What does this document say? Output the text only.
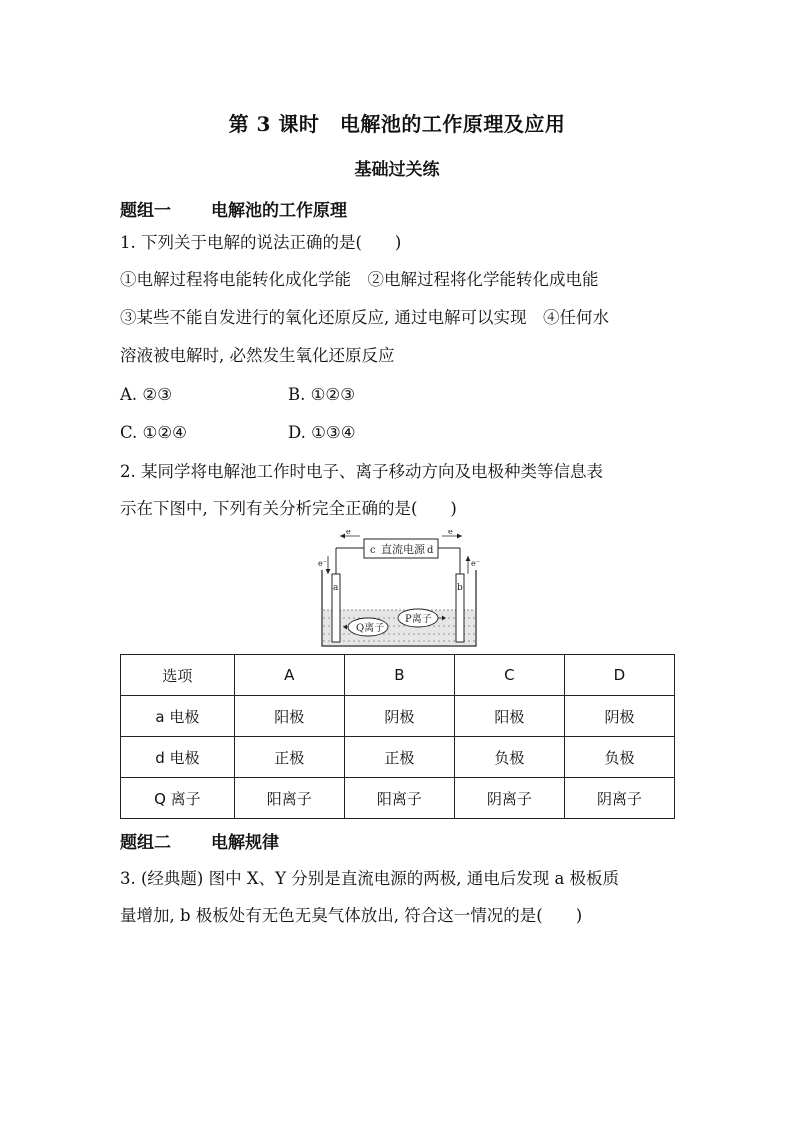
第 3 课时　电解池的工作原理及应用
基础过关练
题组一 电解池的工作原理
1. 下列关于电解的说法正确的是(　　)
①电解过程将电能转化成化学能　②电解过程将化学能转化成电能
③某些不能自发进行的氧化还原反应, 通过电解可以实现　④任何水
溶液被电解时, 必然发生氧化还原反应
A. ②③	B. ①②③
C. ①②④	D. ①③④
2. 某同学将电解池工作时电子、离子移动方向及电极种类等信息表
示在下图中, 下列有关分析完全正确的是(　　)
c 直流电源 d
e⁻	e⁻
e⁻	e⁻
a	b
Q离子
P离子
选项	A	B	C	D
a 电极	阳极	阴极	阳极	阴极
d 电极	正极	正极	负极	负极
Q 离子	阳离子	阳离子	阴离子	阴离子
题组二 电解规律
3. (经典题) 图中 X、Y 分别是直流电源的两极, 通电后发现 a 极板质
量增加, b 极板处有无色无臭气体放出, 符合这一情况的是(　　)
